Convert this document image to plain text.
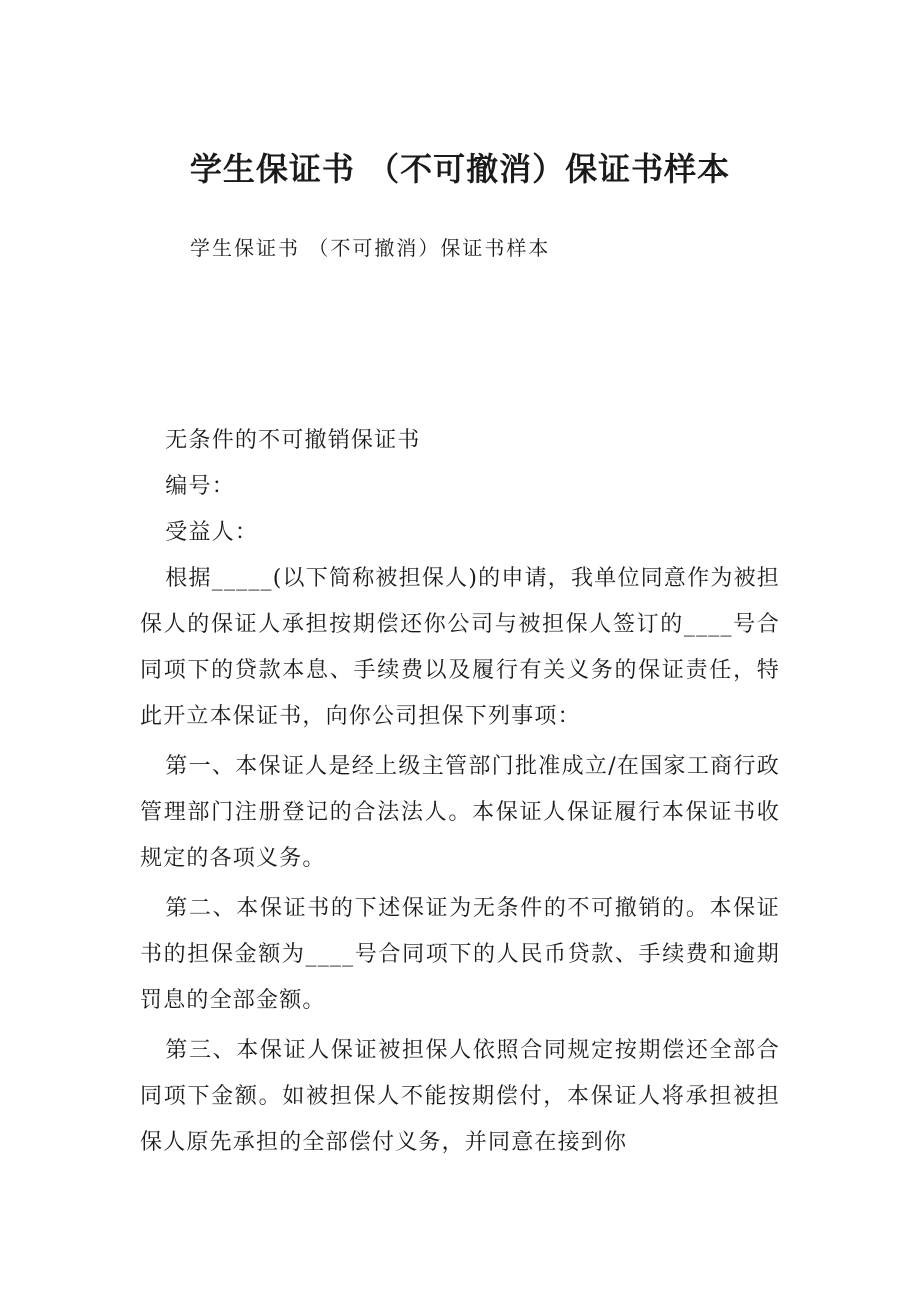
学生保证书 （不可撤消）保证书样本
学生保证书 （不可撤消）保证书样本

无条件的不可撤销保证书

编号：

受益人：

根据_____(以下简称被担保人)的申请，我单位同意作为被担保人的保证人承担按期偿还你公司与被担保人签订的____号合同项下的贷款本息、手续费以及履行有关义务的保证责任，特此开立本保证书，向你公司担保下列事项：

第一、本保证人是经上级主管部门批准成立/在国家工商行政管理部门注册登记的合法法人。本保证人保证履行本保证书收规定的各项义务。

第二、本保证书的下述保证为无条件的不可撤销的。本保证书的担保金额为____号合同项下的人民币贷款、手续费和逾期罚息的全部金额。

第三、本保证人保证被担保人依照合同规定按期偿还全部合同项下金额。如被担保人不能按期偿付，本保证人将承担被担保人原先承担的全部偿付义务，并同意在接到你
